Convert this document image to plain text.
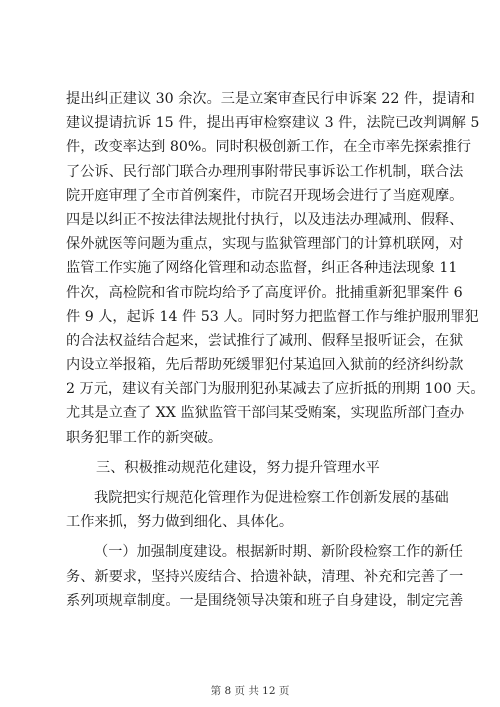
提出纠正建议 30 余次。三是立案审查民行申诉案 22 件，提请和
建议提请抗诉 15 件，提出再审检察建议 3 件，法院已改判调解 5
件，改变率达到 80%。同时积极创新工作，在全市率先探索推行
了公诉、民行部门联合办理刑事附带民事诉讼工作机制，联合法
院开庭审理了全市首例案件，市院召开现场会进行了当庭观摩。
四是以纠正不按法律法规批付执行，以及违法办理减刑、假释、
保外就医等问题为重点，实现与监狱管理部门的计算机联网，对
监管工作实施了网络化管理和动态监督，纠正各种违法现象 11
件次，高检院和省市院均给予了高度评价。批捕重新犯罪案件 6
件 9 人，起诉 14 件 53 人。同时努力把监督工作与维护服刑罪犯
的合法权益结合起来，尝试推行了减刑、假释呈报听证会，在狱
内设立举报箱，先后帮助死缓罪犯付某追回入狱前的经济纠纷款
2 万元，建议有关部门为服刑犯孙某减去了应折抵的刑期 100 天。
尤其是立查了 XX 监狱监管干部闫某受贿案，实现监所部门查办
职务犯罪工作的新突破。
三、积极推动规范化建设，努力提升管理水平
我院把实行规范化管理作为促进检察工作创新发展的基础
工作来抓，努力做到细化、具体化。
（一）加强制度建设。根据新时期、新阶段检察工作的新任
务、新要求，坚持兴废结合、拾遗补缺，清理、补充和完善了一
系列项规章制度。一是围绕领导决策和班子自身建设，制定完善
第 8 页 共 12 页
